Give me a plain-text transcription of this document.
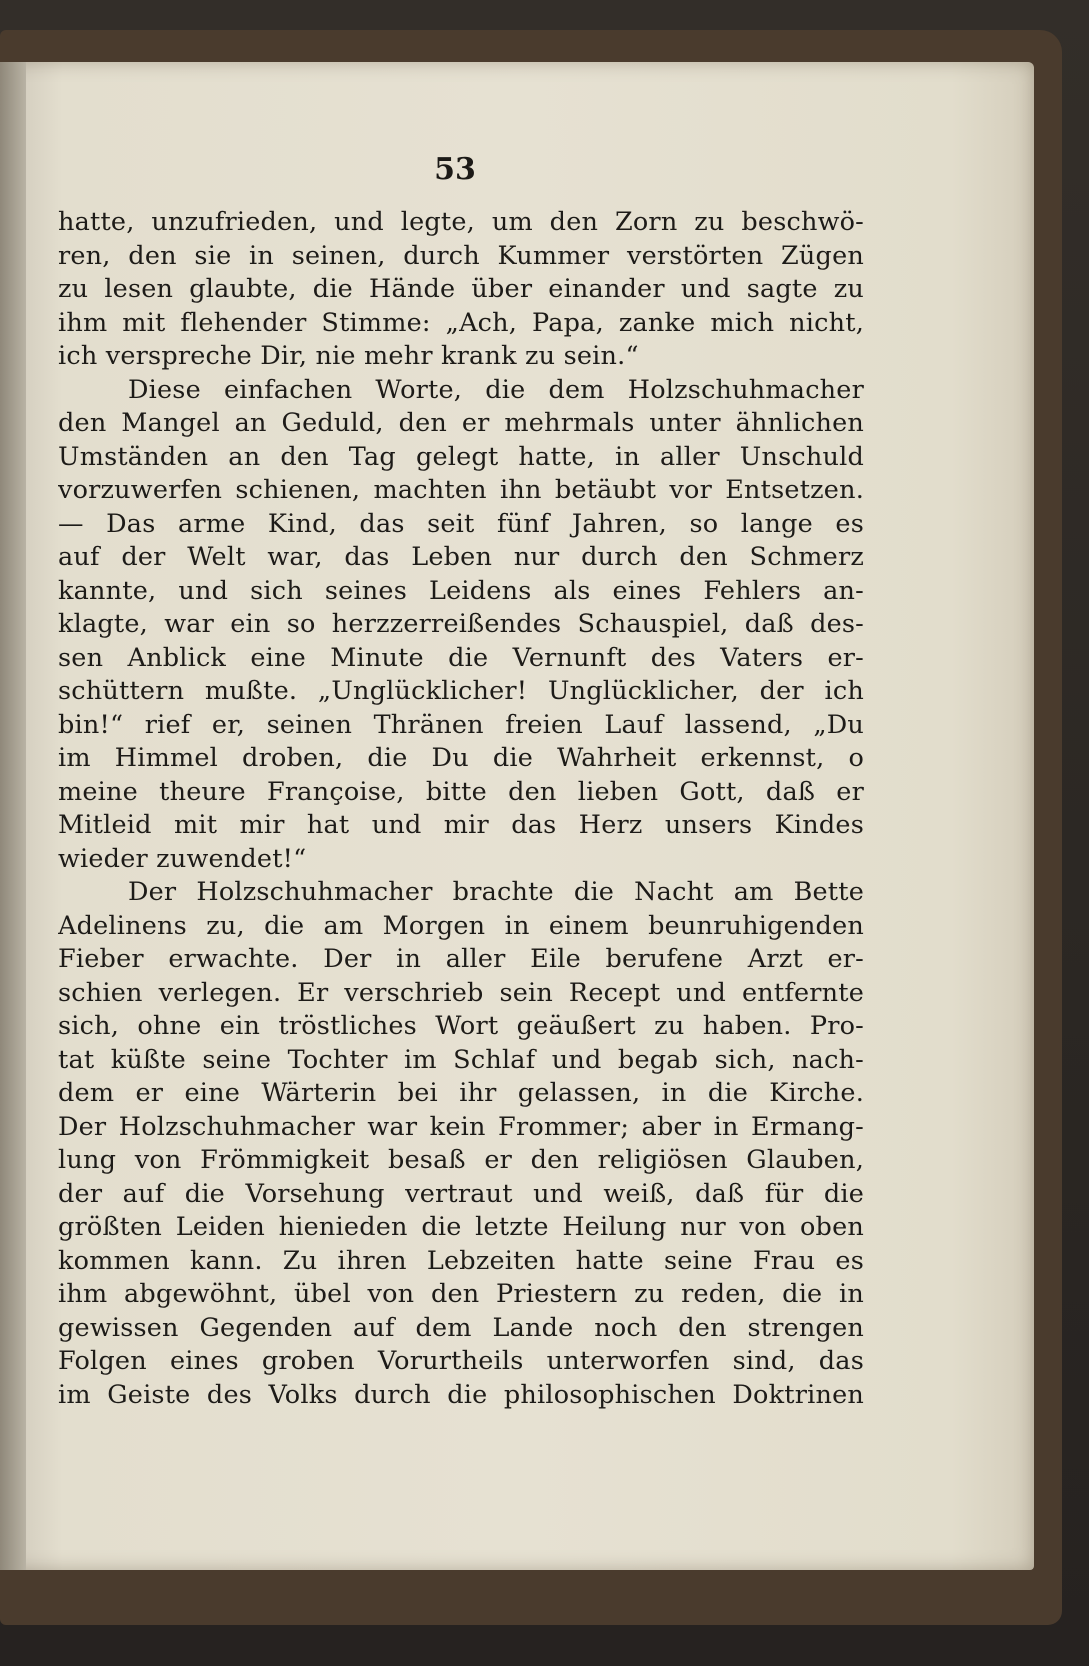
53
hatte, unzufrieden, und legte, um den Zorn zu beschwö-
ren, den sie in seinen, durch Kummer verstörten Zügen
zu lesen glaubte, die Hände über einander und sagte zu
ihm mit flehender Stimme: „Ach, Papa, zanke mich nicht,
ich verspreche Dir, nie mehr krank zu sein.“
Diese einfachen Worte, die dem Holzschuhmacher
den Mangel an Geduld, den er mehrmals unter ähnlichen
Umständen an den Tag gelegt hatte, in aller Unschuld
vorzuwerfen schienen, machten ihn betäubt vor Entsetzen.
— Das arme Kind, das seit fünf Jahren, so lange es
auf der Welt war, das Leben nur durch den Schmerz
kannte, und sich seines Leidens als eines Fehlers an-
klagte, war ein so herzzerreißendes Schauspiel, daß des-
sen Anblick eine Minute die Vernunft des Vaters er-
schüttern mußte. „Unglücklicher! Unglücklicher, der ich
bin!“ rief er, seinen Thränen freien Lauf lassend, „Du
im Himmel droben, die Du die Wahrheit erkennst, o
meine theure Françoise, bitte den lieben Gott, daß er
Mitleid mit mir hat und mir das Herz unsers Kindes
wieder zuwendet!“
Der Holzschuhmacher brachte die Nacht am Bette
Adelinens zu, die am Morgen in einem beunruhigenden
Fieber erwachte. Der in aller Eile berufene Arzt er-
schien verlegen. Er verschrieb sein Recept und entfernte
sich, ohne ein tröstliches Wort geäußert zu haben. Pro-
tat küßte seine Tochter im Schlaf und begab sich, nach-
dem er eine Wärterin bei ihr gelassen, in die Kirche.
Der Holzschuhmacher war kein Frommer; aber in Ermang-
lung von Frömmigkeit besaß er den religiösen Glauben,
der auf die Vorsehung vertraut und weiß, daß für die
größten Leiden hienieden die letzte Heilung nur von oben
kommen kann. Zu ihren Lebzeiten hatte seine Frau es
ihm abgewöhnt, übel von den Priestern zu reden, die in
gewissen Gegenden auf dem Lande noch den strengen
Folgen eines groben Vorurtheils unterworfen sind, das
im Geiste des Volks durch die philosophischen Doktrinen
